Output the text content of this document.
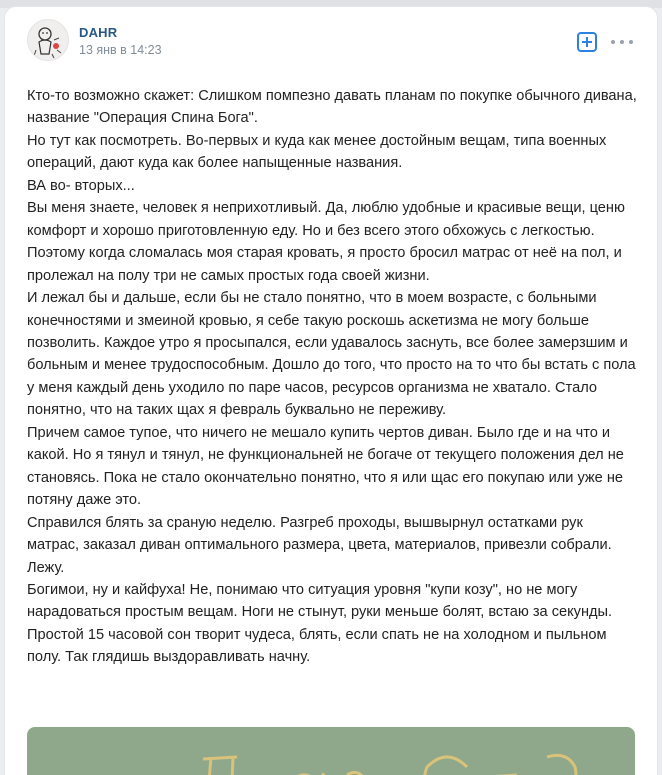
DAHR
13 янв в 14:23

Кто-то возможно скажет: Слишком помпезно давать планам по покупке обычного дивана, название "Операция Спина Бога".

Но тут как посмотреть. Во-первых и куда как менее достойным вещам, типа военных операций, дают куда как более напыщенные названия.

ВА во- вторых...

Вы меня знаете, человек я неприхотливый. Да, люблю удобные и красивые вещи, ценю комфорт и хорошо приготовленную еду. Но и без всего этого обхожусь с легкостью.

Поэтому когда сломалась моя старая кровать, я просто бросил матрас от неё на пол, и пролежал на полу три не самых простых года своей жизни.

И лежал бы и дальше, если бы не стало понятно, что в моем возрасте, с больными конечностями и змеиной кровью, я себе такую роскошь аскетизма не могу больше позволить. Каждое утро я просыпался, если удавалось заснуть, все более замерзшим и больным и менее трудоспособным. Дошло до того, что просто на то что бы встать с пола у меня каждый день уходило по паре часов, ресурсов организма не хватало. Стало понятно, что на таких щах я февраль буквально не переживу.

Причем самое тупое, что ничего не мешало купить чертов диван. Было где и на что и какой. Но я тянул и тянул, не функциональней не богаче от текущего положения дел не становясь. Пока не стало окончательно понятно, что я или щас его покупаю или уже не потяну даже это.

Справился блять за сраную неделю. Разгреб проходы, вышвырнул остатками рук матрас, заказал диван оптимального размера, цвета, материалов, привезли собрали. Лежу.

Богимои, ну и кайфуха! Не, понимаю что ситуация уровня "купи козу", но не могу нарадоваться простым вещам. Ноги не стынут, руки меньше болят, встаю за секунды. Простой 15 часовой сон творит чудеса, блять, если спать не на холодном и пыльном полу. Так глядишь выздоравливать начну.
